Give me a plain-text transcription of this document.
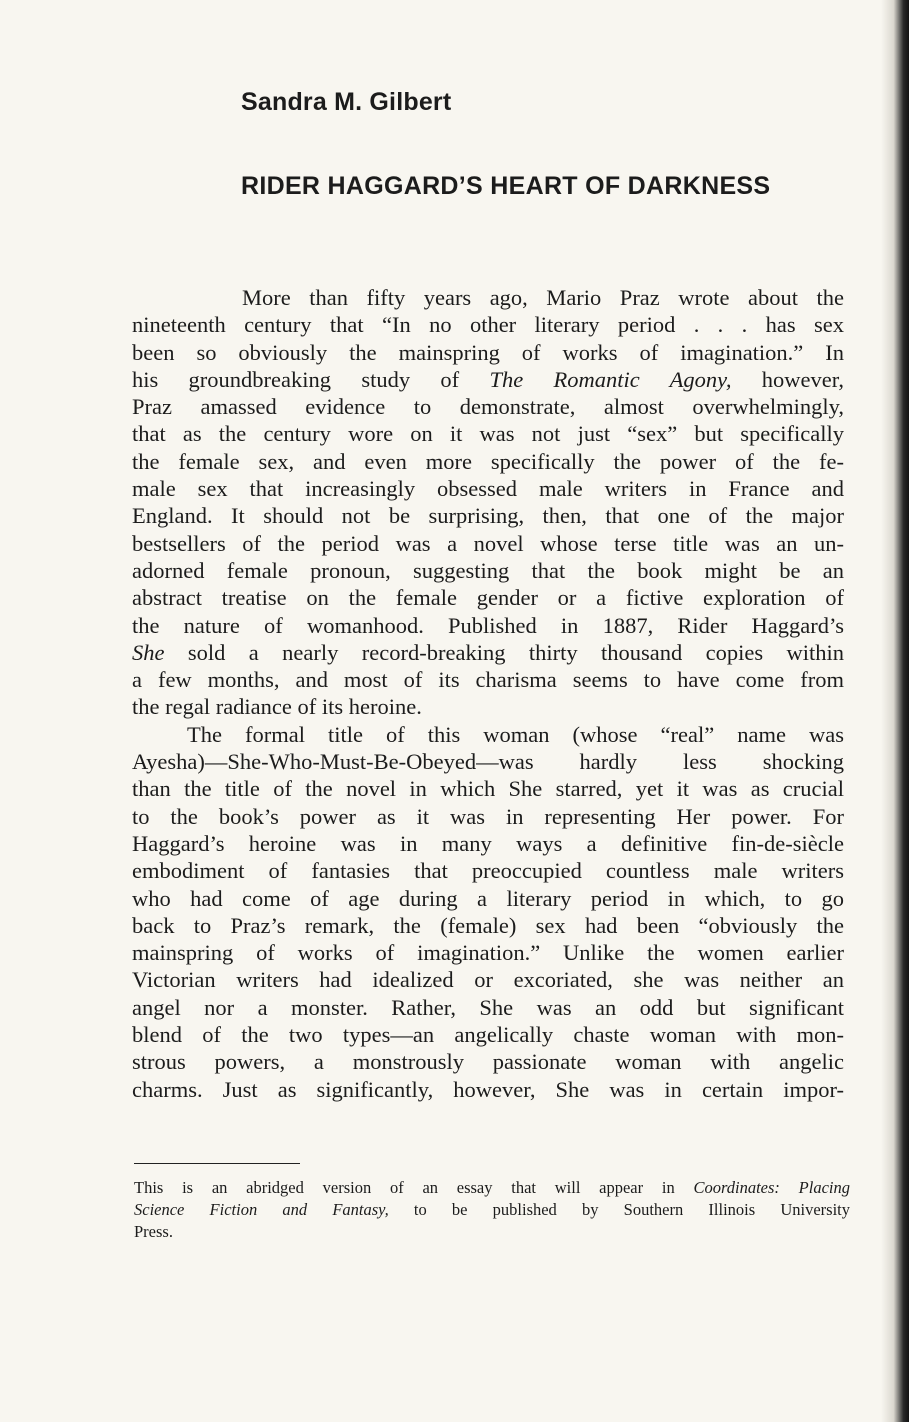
Sandra M. Gilbert
RIDER HAGGARD’S HEART OF DARKNESS
More than fifty years ago, Mario Praz wrote about the
nineteenth century that “In no other literary period . . . has sex
been so obviously the mainspring of works of imagination.” In
his groundbreaking study of The Romantic Agony, however,
Praz amassed evidence to demonstrate, almost overwhelmingly,
that as the century wore on it was not just “sex” but specifically
the female sex, and even more specifically the power of the fe-
male sex that increasingly obsessed male writers in France and
England. It should not be surprising, then, that one of the major
bestsellers of the period was a novel whose terse title was an un-
adorned female pronoun, suggesting that the book might be an
abstract treatise on the female gender or a fictive exploration of
the nature of womanhood. Published in 1887, Rider Haggard’s
She sold a nearly record-breaking thirty thousand copies within
a few months, and most of its charisma seems to have come from
the regal radiance of its heroine.
The formal title of this woman (whose “real” name was
Ayesha)—She-Who-Must-Be-Obeyed—was hardly less shocking
than the title of the novel in which She starred, yet it was as crucial
to the book’s power as it was in representing Her power. For
Haggard’s heroine was in many ways a definitive fin-de-siècle
embodiment of fantasies that preoccupied countless male writers
who had come of age during a literary period in which, to go
back to Praz’s remark, the (female) sex had been “obviously the
mainspring of works of imagination.” Unlike the women earlier
Victorian writers had idealized or excoriated, she was neither an
angel nor a monster. Rather, She was an odd but significant
blend of the two types—an angelically chaste woman with mon-
strous powers, a monstrously passionate woman with angelic
charms. Just as significantly, however, She was in certain impor-
This is an abridged version of an essay that will appear in Coordinates: Placing
Science Fiction and Fantasy, to be published by Southern Illinois University
Press.
